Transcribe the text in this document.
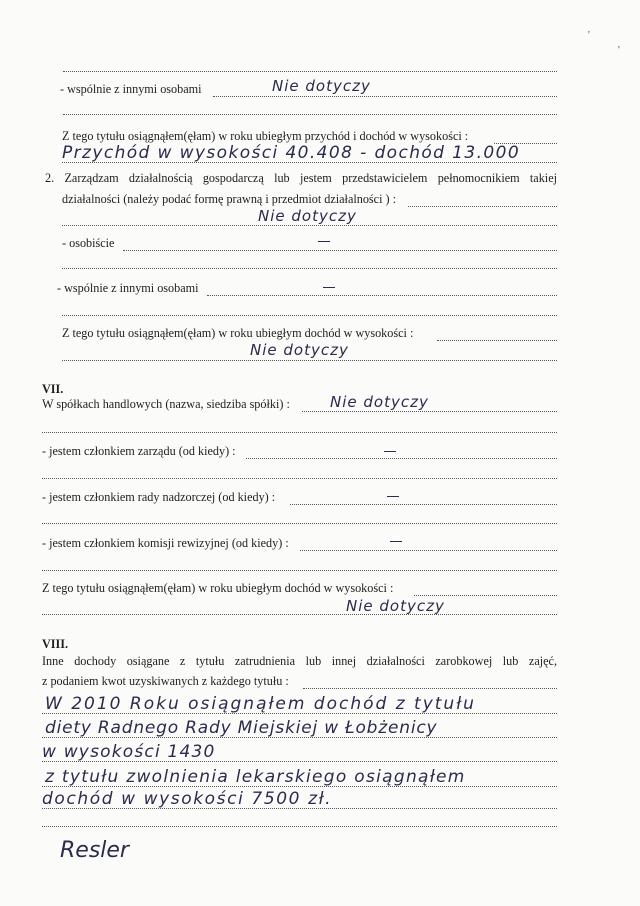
'
'
- wspólnie z innymi osobami	Nie dotyczy
Z tego tytułu osiągnąłem(ęłam) w roku ubiegłym przychód i dochód w wysokości :
Przychód w wysokości 40.408 - dochód 13.000
2. Zarządzam działalnością gospodarczą lub jestem przedstawicielem pełnomocnikiem takiej
działalności (należy podać formę prawną i przedmiot działalności ) :
Nie dotyczy
- osobiście
- wspólnie z innymi osobami
Z tego tytułu osiągnąłem(ęłam) w roku ubiegłym dochód w wysokości :
Nie dotyczy
VII.
W spółkach handlowych (nazwa, siedziba spółki) :	Nie dotyczy
- jestem członkiem zarządu (od kiedy) :
- jestem członkiem rady nadzorczej (od kiedy) :
- jestem członkiem komisji rewizyjnej (od kiedy) :
Z tego tytułu osiągnąłem(ęłam) w roku ubiegłym dochód w wysokości :
Nie dotyczy
VIII.
Inne dochody osiągane z tytułu zatrudnienia lub innej działalności zarobkowej lub zajęć,
z podaniem kwot uzyskiwanych z każdego tytułu :
W 2010 Roku osiągnąłem dochód z tytułu
diety Radnego Rady Miejskiej w Łobżenicy
w wysokości 1430
z tytułu zwolnienia lekarskiego osiągnąłem
dochód w wysokości 7500 zł.
Resler
